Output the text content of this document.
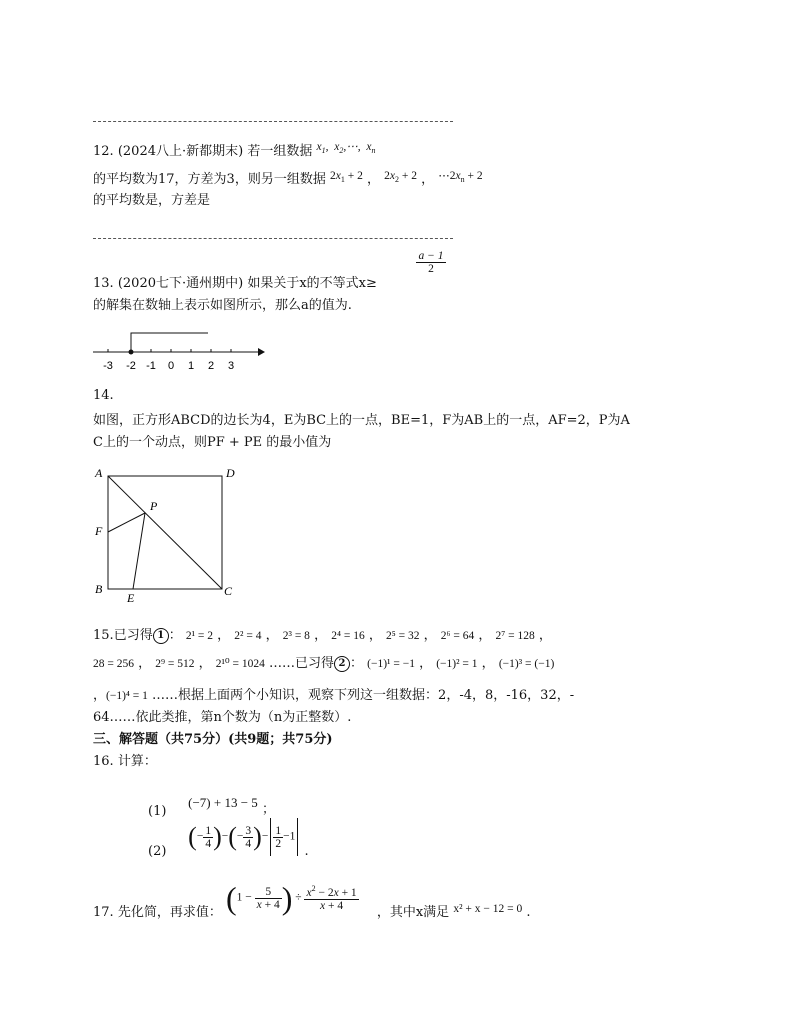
12. (2024八上·新都期末) 若一组数据 $x_1$,  $x_2,\cdots$,  $x_n$
的平均数为17，方差为3，则另一组数据 $2x_1 + 2$ ， $2x_2 + 2$ ， $\cdots 2x_n + 2$
的平均数是，方差是
13. (2020七下·通州期中) 如果关于x的不等式x≥
$\frac{a - 1}{2}$
的解集在数轴上表示如图所示，那么a的值为.
-3 -2 -1 0 1 2 3
14.
如图，正方形ABCD的边长为4，E为BC上的一点，BE=1，F为AB上的一点，AF=2，P为A
C上的一个动点，则PF + PE 的最小值为
A	D
B	C
F
E
P
15.已习得 1 ： 2¹ = 2 ， 2² = 4 ， 2³ = 8 ， 2⁴ = 16 ， 2⁵ = 32 ， 2⁶ = 64 ， 2⁷ = 128 ，
28 = 256 ， 2⁹ = 512 ， 2¹⁰ = 1024 ……已习得 2 ： (−1)¹ = −1 ， (−1)² = 1 ， (−1)³ = (−1)
，(−1)⁴ = 1 ……根据上面两个小知识，观察下列这一组数据：2，-4，8，-16，32，-
64……依此类推，第n个数为（n为正整数）.
三、解答题（共75分）(共9题；共75分)
16. 计算：
(1) (−7) + 13 − 5 ；
(2) (− $\frac{1}{4}$ )−(− $\frac{3}{4}$ )− $\frac{1}{2} -1$ .
17. 先化简，再求值： ($1 - \frac{5}{x + 4}$ ) ÷ $\frac{x^2 - 2x + 1}{x + 4}$ ，其中x满足 x² + x − 12 = 0 .
